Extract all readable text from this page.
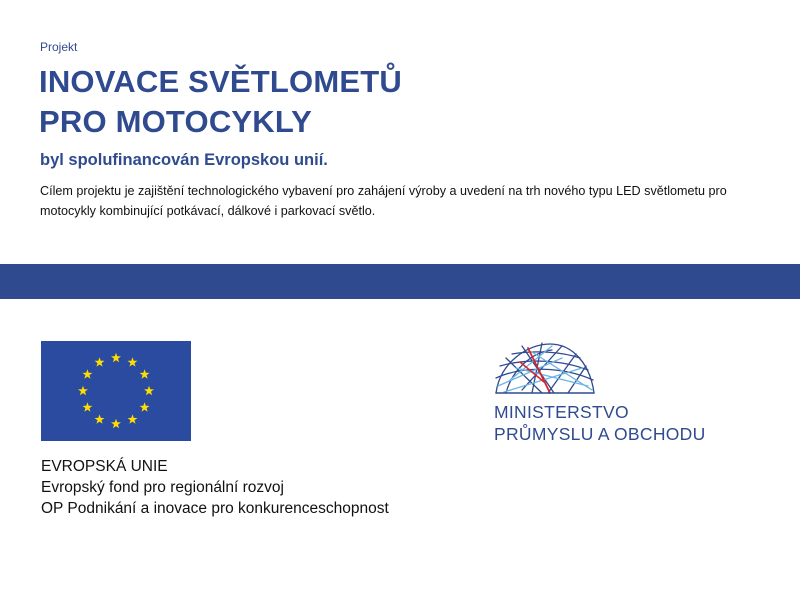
Projekt
INOVACE SVĚTLOMETŮ
PRO MOTOCYKLY
byl spolufinancován Evropskou unií.
Cílem projektu je zajištění technologického vybavení pro zahájení výroby a uvedení na trh nového typu LED světlometu pro motocykly kombinující potkávací, dálkové i parkovací světlo.
EVROPSKÁ UNIE
Evropský fond pro regionální rozvoj
OP Podnikání a inovace pro konkurenceschopnost
MINISTERSTVO
PRŮMYSLU A OBCHODU
